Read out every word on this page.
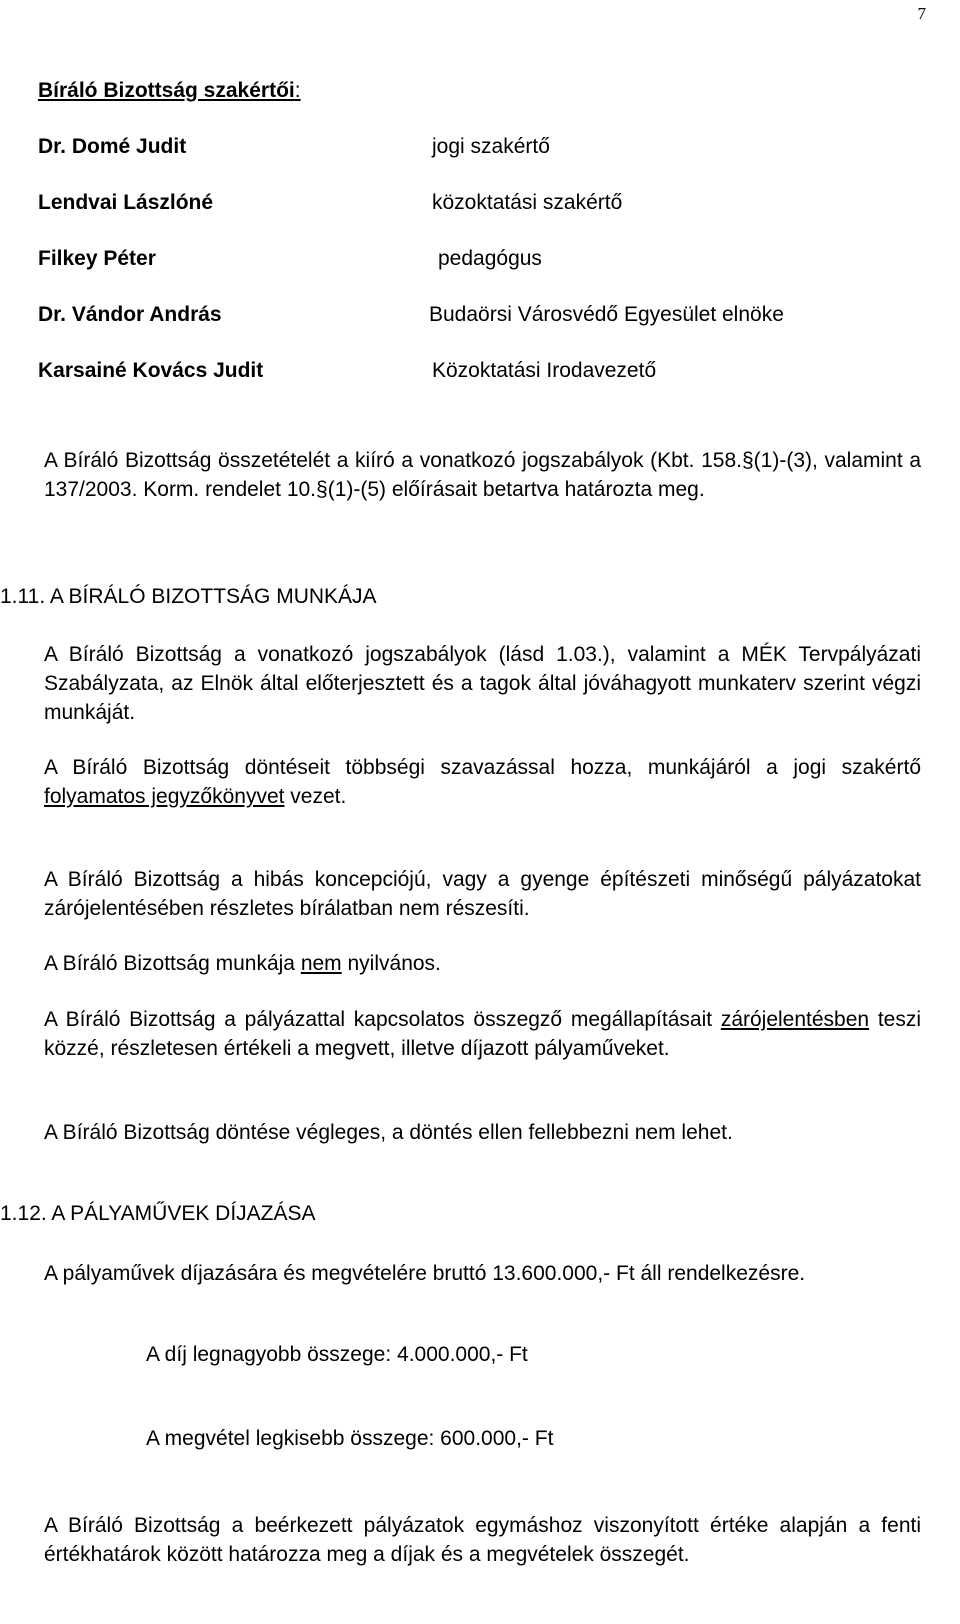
7
Bíráló Bizottság szakértői:
Dr. Domé Judit	jogi szakértő
Lendvai Lászlóné	közoktatási szakértő
Filkey Péter	pedagógus
Dr. Vándor András	Budaörsi Városvédő Egyesület elnöke
Karsainé Kovács Judit	Közoktatási Irodavezető
A Bíráló Bizottság összetételét a kiíró a vonatkozó jogszabályok (Kbt. 158.§(1)-(3), valamint a 137/2003. Korm. rendelet 10.§(1)-(5) előírásait betartva határozta meg.
1.11. A BÍRÁLÓ BIZOTTSÁG MUNKÁJA
A Bíráló Bizottság a vonatkozó jogszabályok (lásd 1.03.), valamint a MÉK Tervpályázati Szabályzata, az Elnök által előterjesztett és a tagok által jóváhagyott munkaterv szerint végzi munkáját.
A Bíráló Bizottság döntéseit többségi szavazással hozza, munkájáról a jogi szakértő folyamatos jegyzőkönyvet vezet.
A Bíráló Bizottság a hibás koncepciójú, vagy a gyenge építészeti minőségű pályázatokat zárójelentésében részletes bírálatban nem részesíti.
A Bíráló Bizottság munkája nem nyilvános.
A Bíráló Bizottság a pályázattal kapcsolatos összegző megállapításait zárójelentésben teszi közzé, részletesen értékeli a megvett, illetve díjazott pályaműveket.
A Bíráló Bizottság döntése végleges, a döntés ellen fellebbezni nem lehet.
1.12. A PÁLYAMŰVEK DÍJAZÁSA
A pályaművek díjazására és megvételére bruttó 13.600.000,- Ft áll rendelkezésre.
A díj legnagyobb összege: 4.000.000,- Ft
A megvétel legkisebb összege: 600.000,- Ft
A Bíráló Bizottság a beérkezett pályázatok egymáshoz viszonyított értéke alapján a fenti értékhatárok között határozza meg a díjak és a megvételek összegét.
